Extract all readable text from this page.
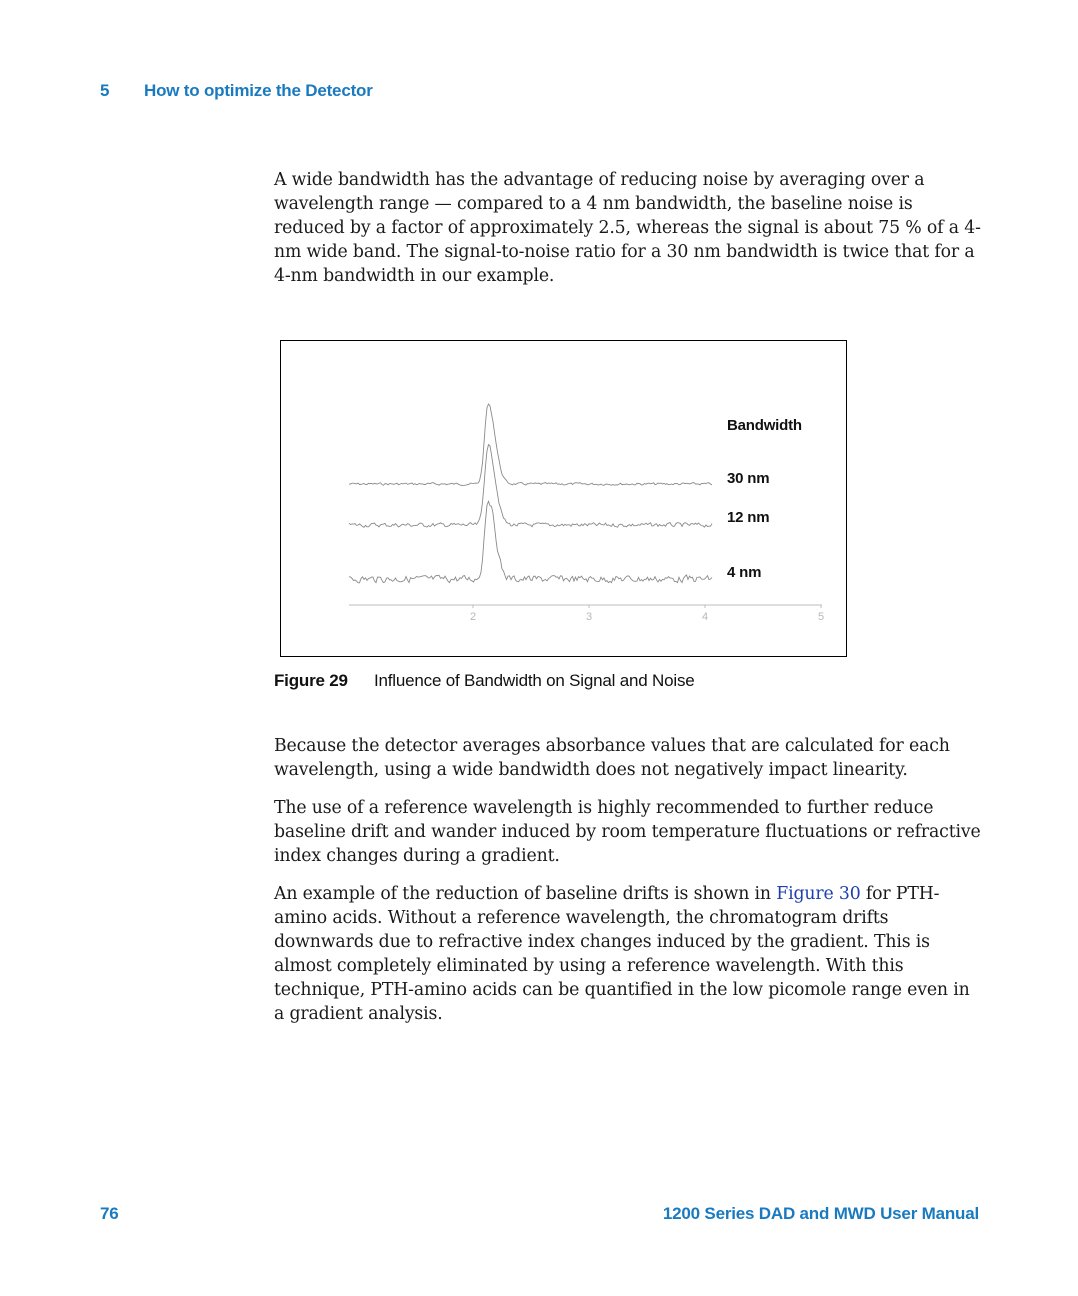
5 How to optimize the Detector

A wide bandwidth has the advantage of reducing noise by averaging over a wavelength range — compared to a 4 nm bandwidth, the baseline noise is reduced by a factor of approximately 2.5, whereas the signal is about 75 % of a 4-nm wide band. The signal-to-noise ratio for a 30 nm bandwidth is twice that for a 4-nm bandwidth in our example.

2	3	4	5
Bandwidth
30 nm
12 nm
4 nm
Figure 29 Influence of Bandwidth on Signal and Noise

Because the detector averages absorbance values that are calculated for each wavelength, using a wide bandwidth does not negatively impact linearity.

The use of a reference wavelength is highly recommended to further reduce baseline drift and wander induced by room temperature fluctuations or refractive index changes during a gradient.

An example of the reduction of baseline drifts is shown in Figure 30 for PTH-amino acids. Without a reference wavelength, the chromatogram drifts downwards due to refractive index changes induced by the gradient. This is almost completely eliminated by using a reference wavelength. With this technique, PTH-amino acids can be quantified in the low picomole range even in a gradient analysis.

76	1200 Series DAD and MWD User Manual
